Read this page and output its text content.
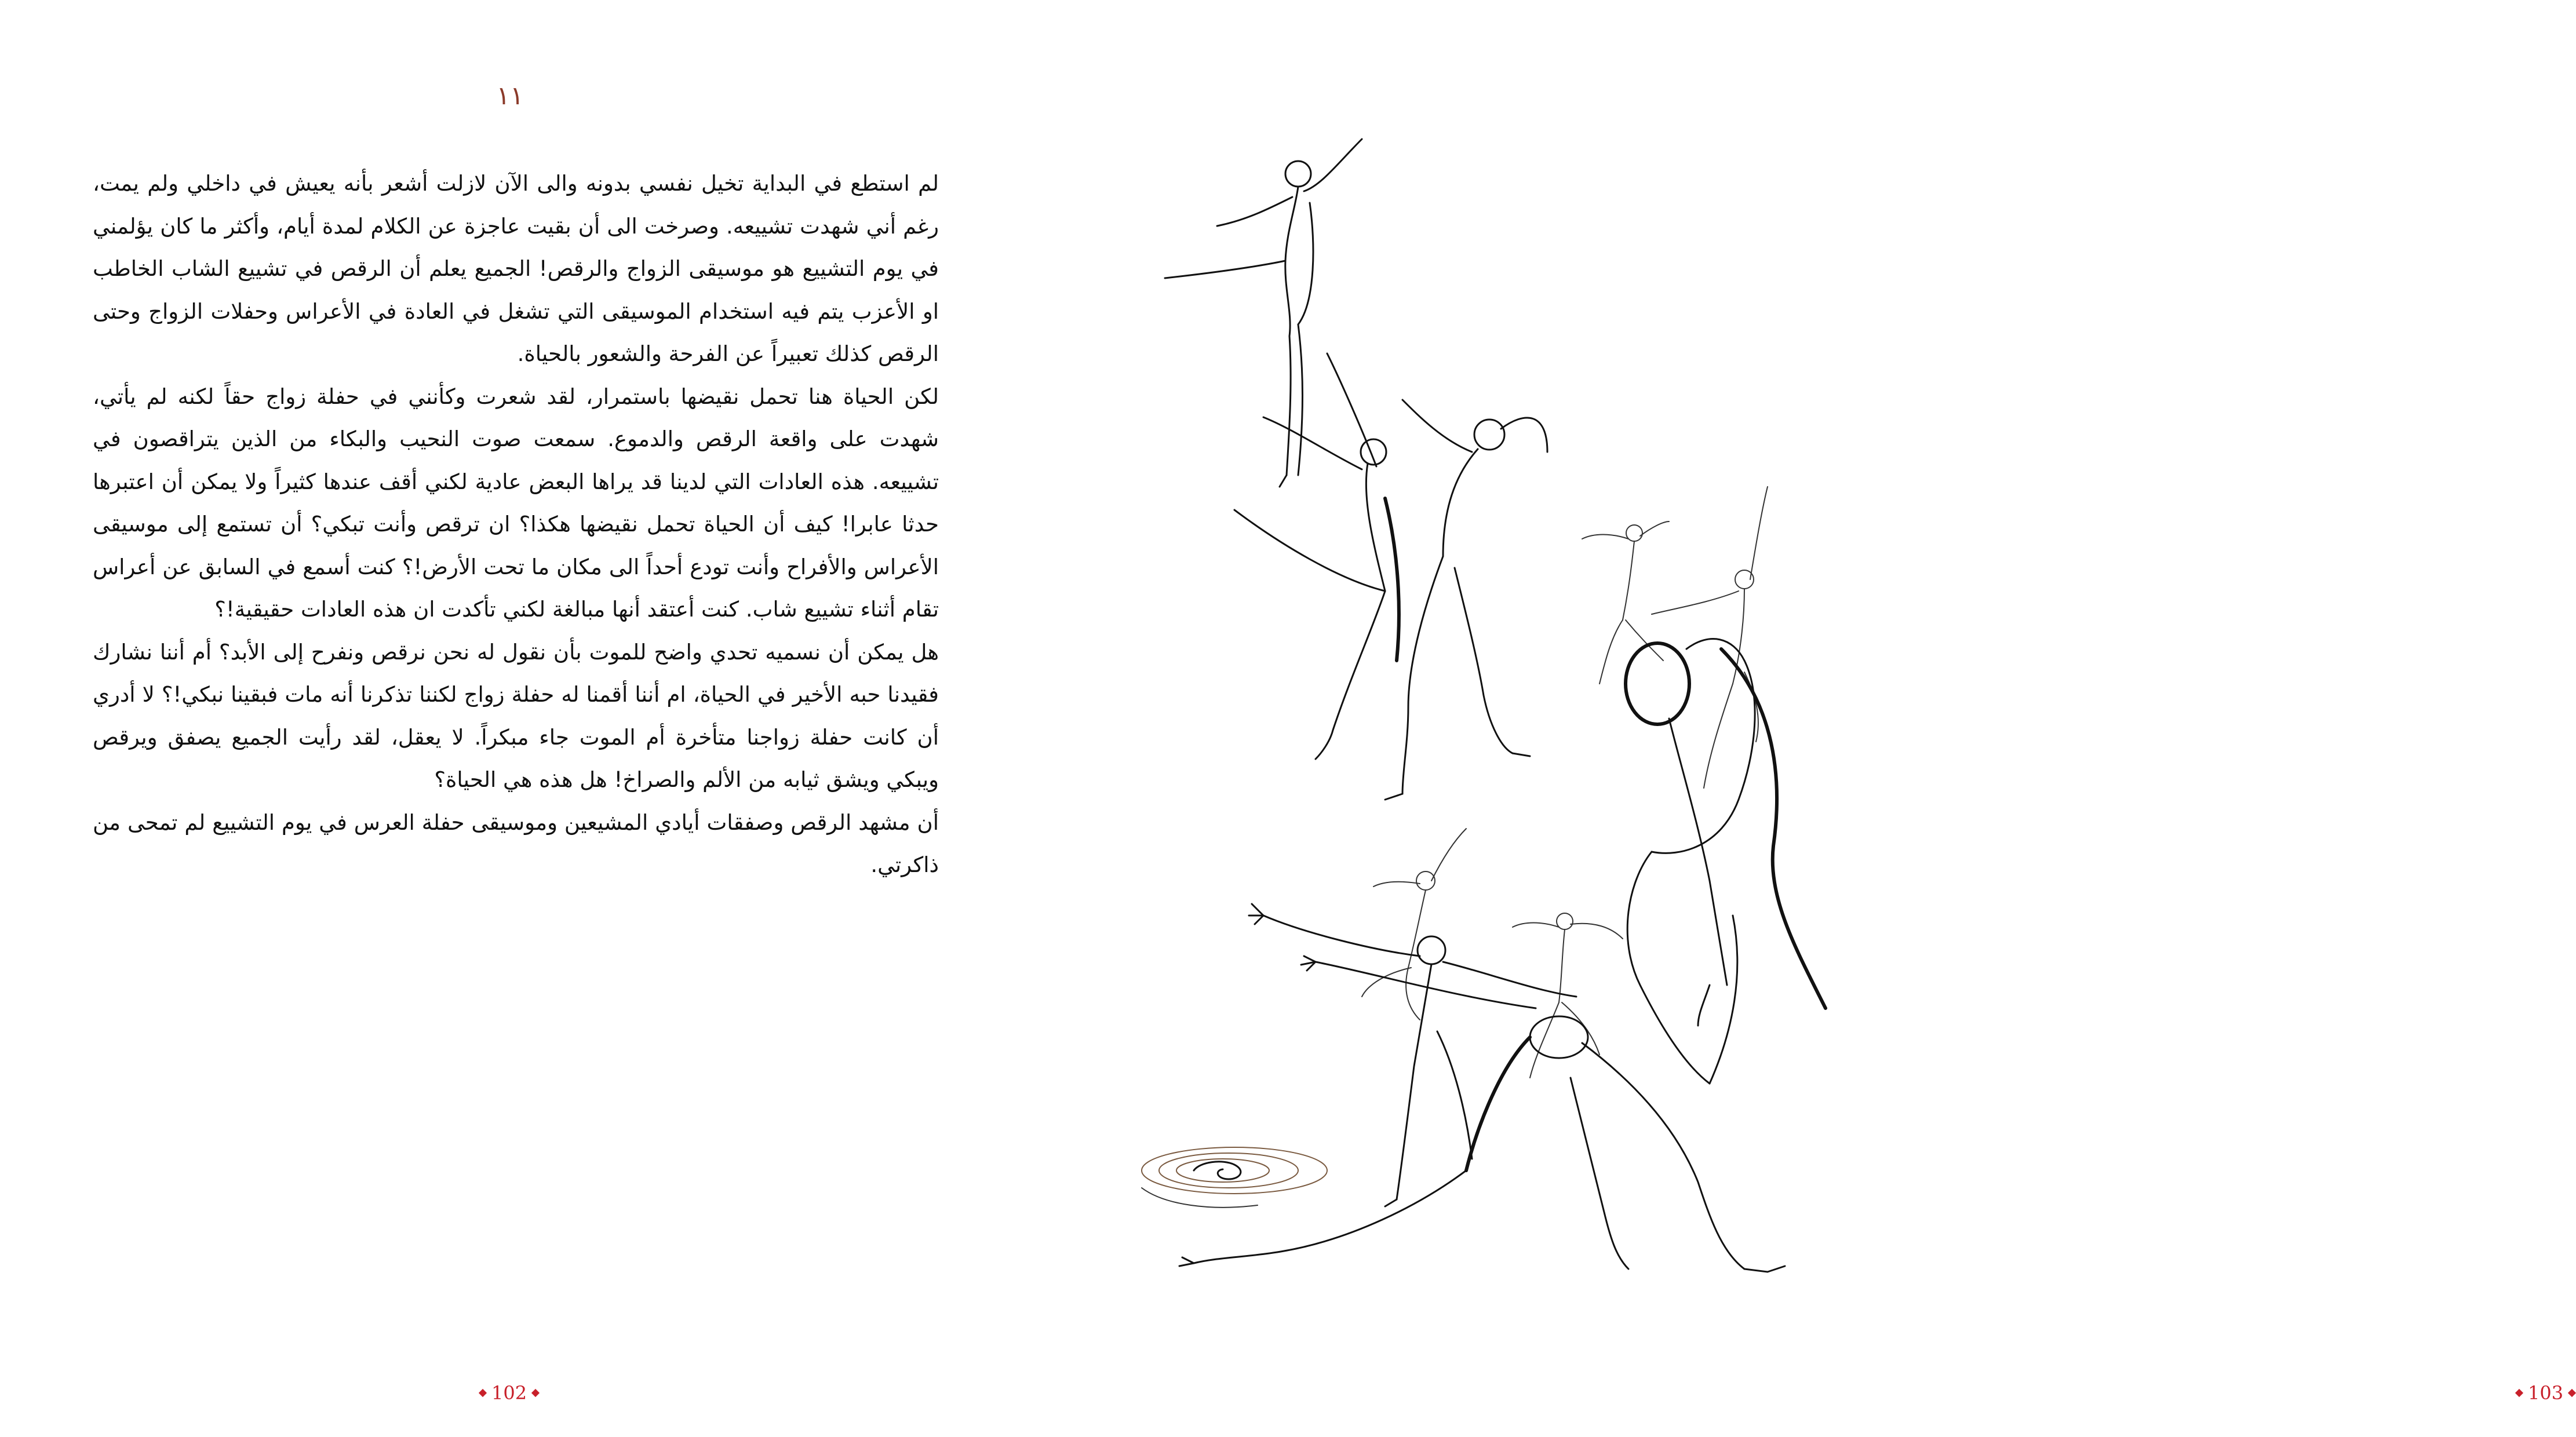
١١

لم استطع في البداية تخيل نفسي بدونه والى الآن لازلت أشعر بأنه يعيش في داخلي ولم يمت، رغم أني شهدت تشييعه. وصرخت الى أن بقيت عاجزة عن الكلام لمدة أيام، وأكثر ما كان يؤلمني في يوم التشييع هو موسيقى الزواج والرقص! الجميع يعلم أن الرقص في تشييع الشاب الخاطب او الأعزب يتم فيه استخدام الموسيقى التي تشغل في العادة في الأعراس وحفلات الزواج وحتى الرقص كذلك تعبيراً عن الفرحة والشعور بالحياة.

لكن الحياة هنا تحمل نقيضها باستمرار، لقد شعرت وكأنني في حفلة زواج حقاً لكنه لم يأتي، شهدت على واقعة الرقص والدموع. سمعت صوت النحيب والبكاء من الذين يتراقصون في تشييعه. هذه العادات التي لدينا قد يراها البعض عادية لكني أقف عندها كثيراً ولا يمكن أن اعتبرها حدثا عابرا! كيف أن الحياة تحمل نقيضها هكذا؟ ان ترقص وأنت تبكي؟ أن تستمع إلى موسيقى الأعراس والأفراح وأنت تودع أحداً الى مكان ما تحت الأرض!؟ كنت أسمع في السابق عن أعراس تقام أثناء تشييع شاب. كنت أعتقد أنها مبالغة لكني تأكدت ان هذه العادات حقيقية!؟

هل يمكن أن نسميه تحدي واضح للموت بأن نقول له نحن نرقص ونفرح إلى الأبد؟ أم أننا نشارك فقيدنا حبه الأخير في الحياة، ام أننا أقمنا له حفلة زواج لكننا تذكرنا أنه مات فبقينا نبكي!؟ لا أدري أن كانت حفلة زواجنا متأخرة أم الموت جاء مبكراً. لا يعقل، لقد رأيت الجميع يصفق ويرقص ويبكي ويشق ثيابه من الألم والصراخ! هل هذه هي الحياة؟

أن مشهد الرقص وصفقات أيادي المشيعين وموسيقى حفلة العرس في يوم التشييع لم تمحى من ذاكرتي.

102	103
